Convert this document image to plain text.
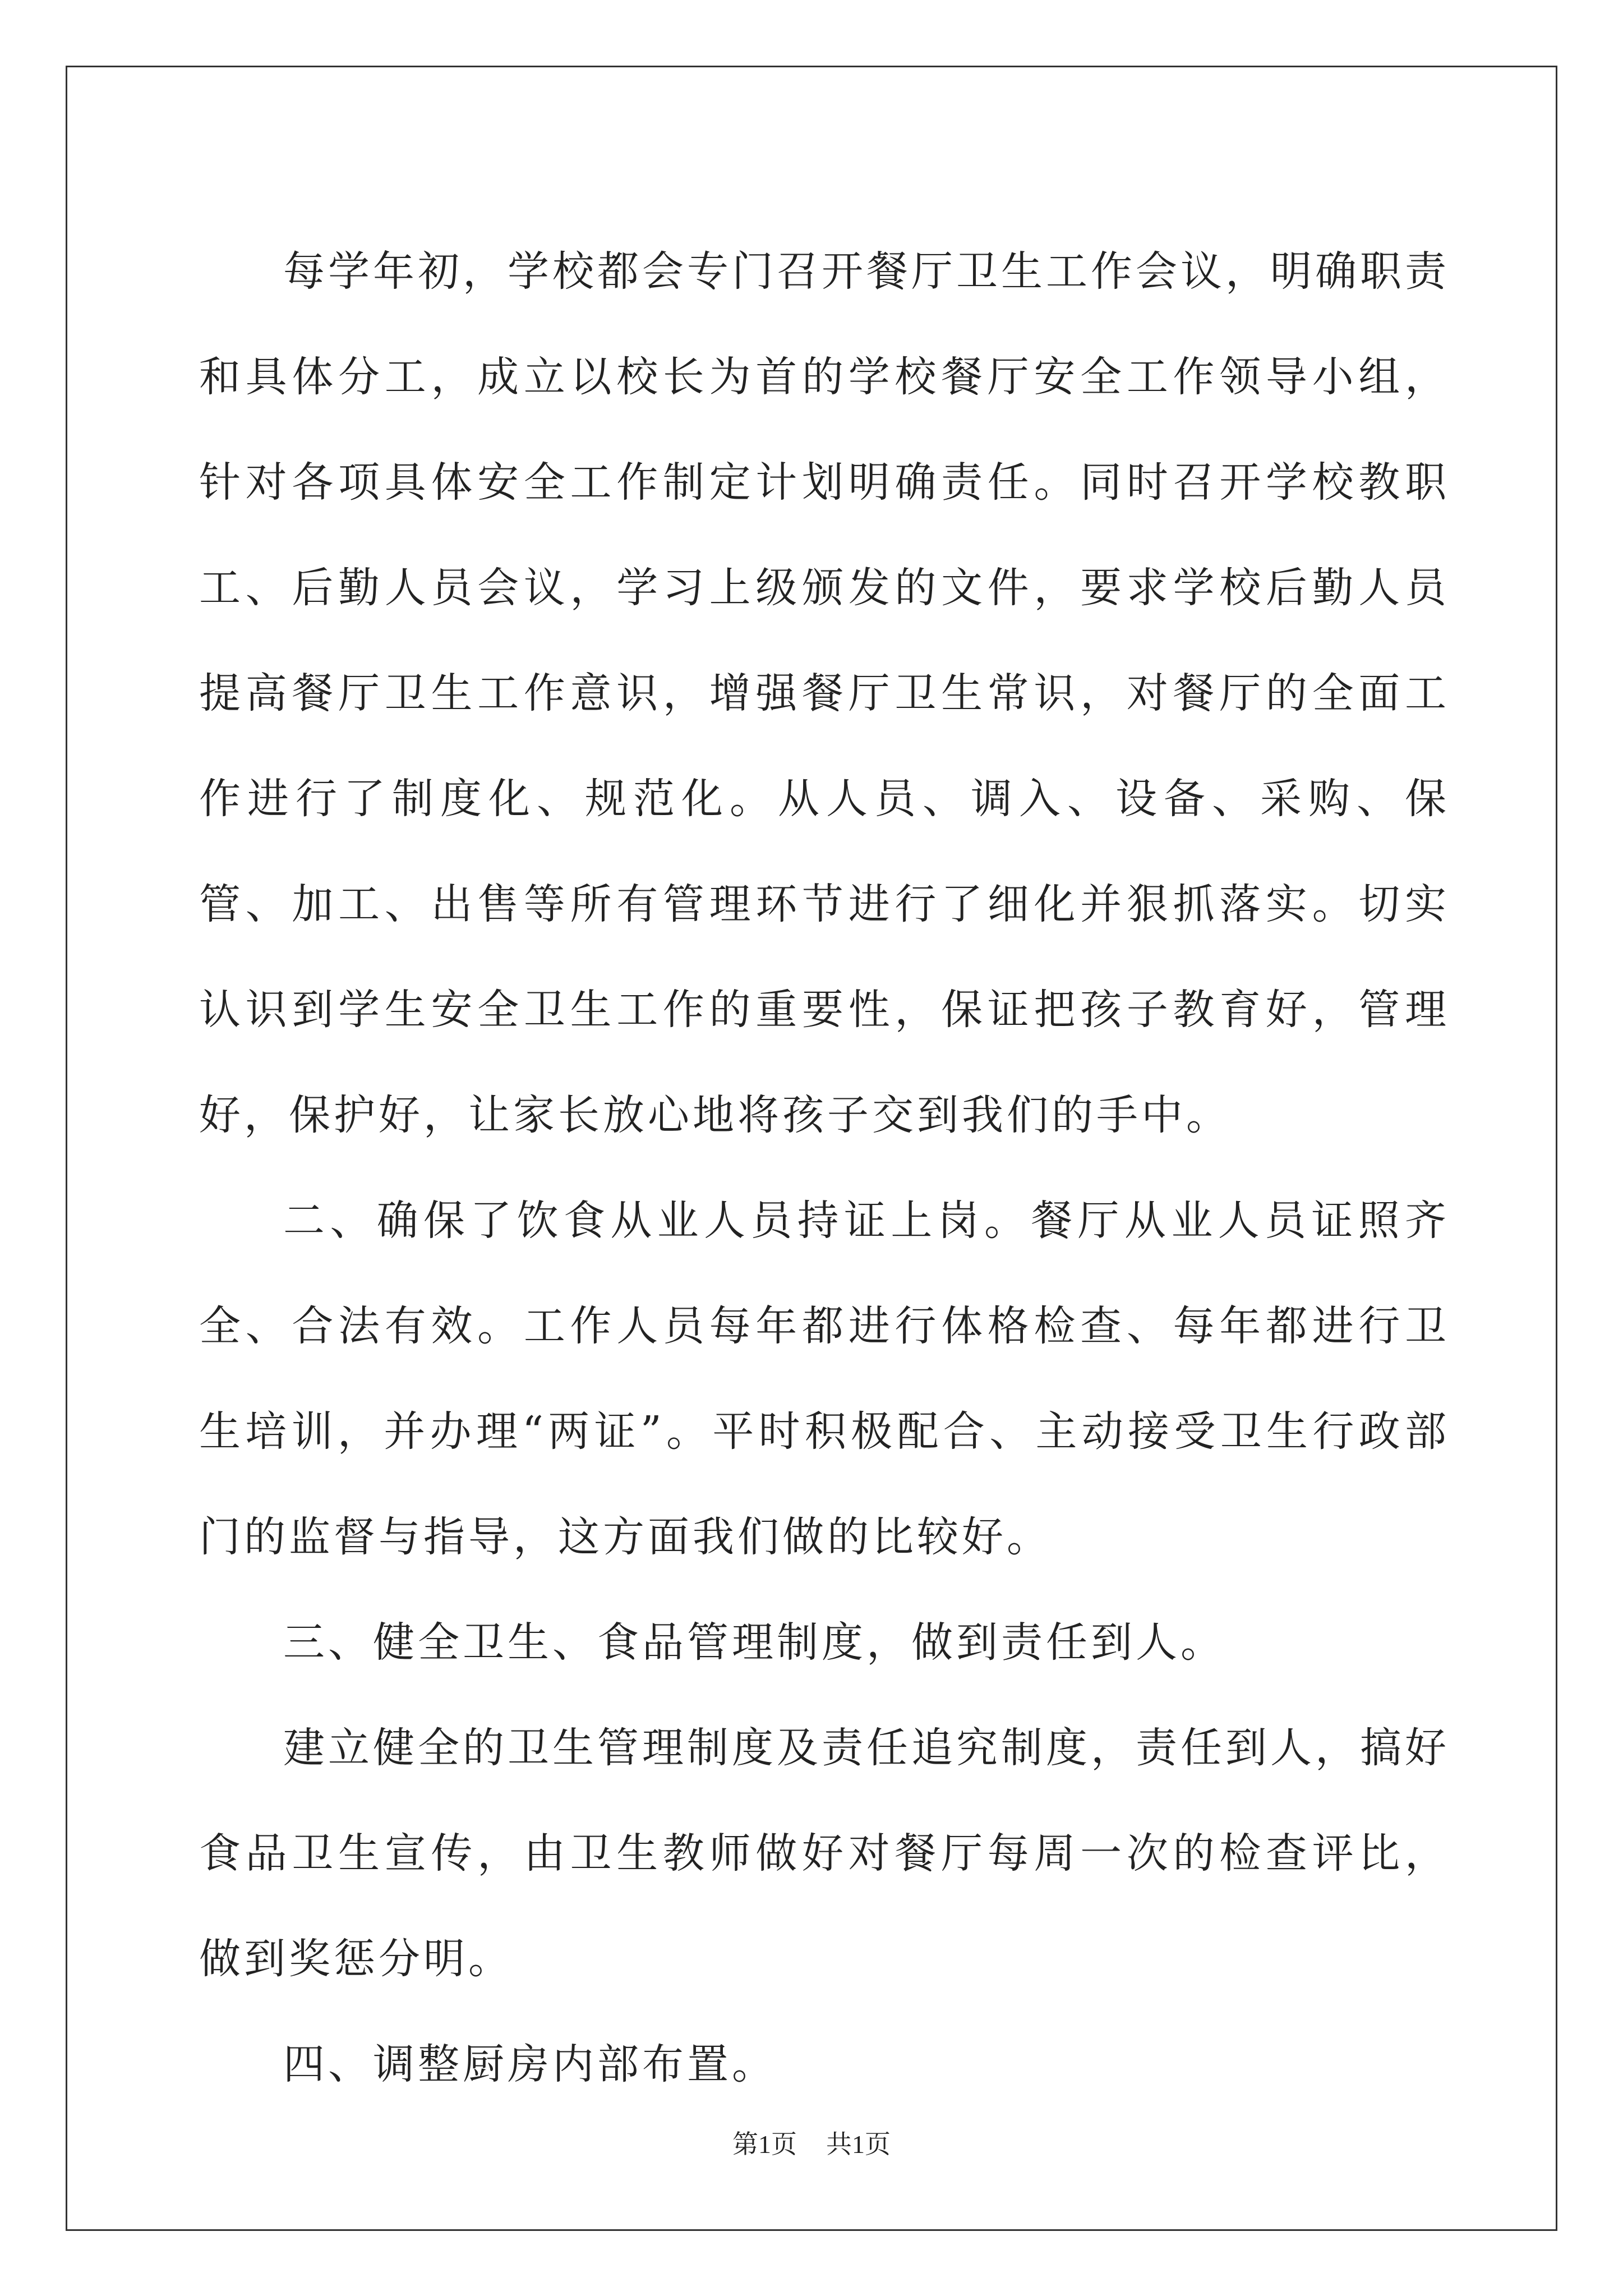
每学年初，学校都会专门召开餐厅卫生工作会议，明确职责和具体分工，成立以校长为首的学校餐厅安全工作领导小组，针对各项具体安全工作制定计划明确责任。同时召开学校教职工、后勤人员会议，学习上级颁发的文件，要求学校后勤人员提高餐厅卫生工作意识，增强餐厅卫生常识，对餐厅的全面工作进行了制度化、规范化。从人员、调入、设备、采购、保管、加工、出售等所有管理环节进行了细化并狠抓落实。切实认识到学生安全卫生工作的重要性，保证把孩子教育好，管理好，保护好，让家长放心地将孩子交到我们的手中。

二、确保了饮食从业人员持证上岗。餐厅从业人员证照齐全、合法有效。工作人员每年都进行体格检查、每年都进行卫生培训，并办理“两证”。平时积极配合、主动接受卫生行政部门的监督与指导，这方面我们做的比较好。

三、健全卫生、食品管理制度，做到责任到人。

建立健全的卫生管理制度及责任追究制度，责任到人，搞好食品卫生宣传，由卫生教师做好对餐厅每周一次的检查评比，做到奖惩分明。

四、调整厨房内部布置。

第1页 共1页
